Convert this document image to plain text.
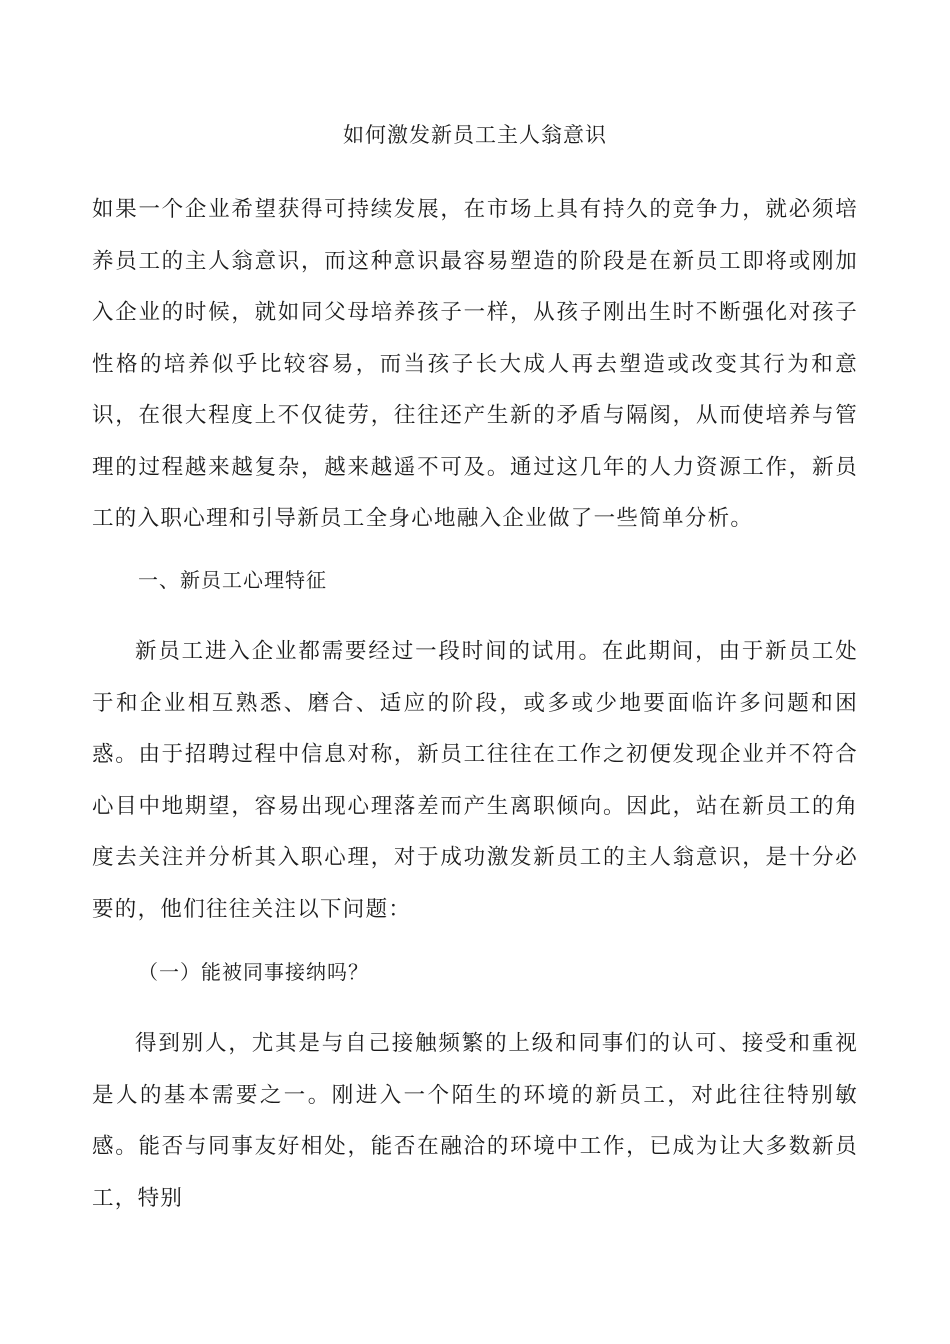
如何激发新员工主人翁意识

如果一个企业希望获得可持续发展，在市场上具有持久的竞争力，就必须培养员工的主人翁意识，而这种意识最容易塑造的阶段是在新员工即将或刚加入企业的时候，就如同父母培养孩子一样，从孩子刚出生时不断强化对孩子性格的培养似乎比较容易，而当孩子长大成人再去塑造或改变其行为和意识，在很大程度上不仅徒劳，往往还产生新的矛盾与隔阂，从而使培养与管理的过程越来越复杂，越来越遥不可及。通过这几年的人力资源工作，新员工的入职心理和引导新员工全身心地融入企业做了一些简单分析。

一、新员工心理特征

新员工进入企业都需要经过一段时间的试用。在此期间，由于新员工处于和企业相互熟悉、磨合、适应的阶段，或多或少地要面临许多问题和困惑。由于招聘过程中信息对称，新员工往往在工作之初便发现企业并不符合心目中地期望，容易出现心理落差而产生离职倾向。因此，站在新员工的角度去关注并分析其入职心理，对于成功激发新员工的主人翁意识，是十分必要的，他们往往关注以下问题：

（一）能被同事接纳吗？

得到别人，尤其是与自己接触频繁的上级和同事们的认可、接受和重视是人的基本需要之一。刚进入一个陌生的环境的新员工，对此往往特别敏感。能否与同事友好相处，能否在融洽的环境中工作，已成为让大多数新员工，特别
